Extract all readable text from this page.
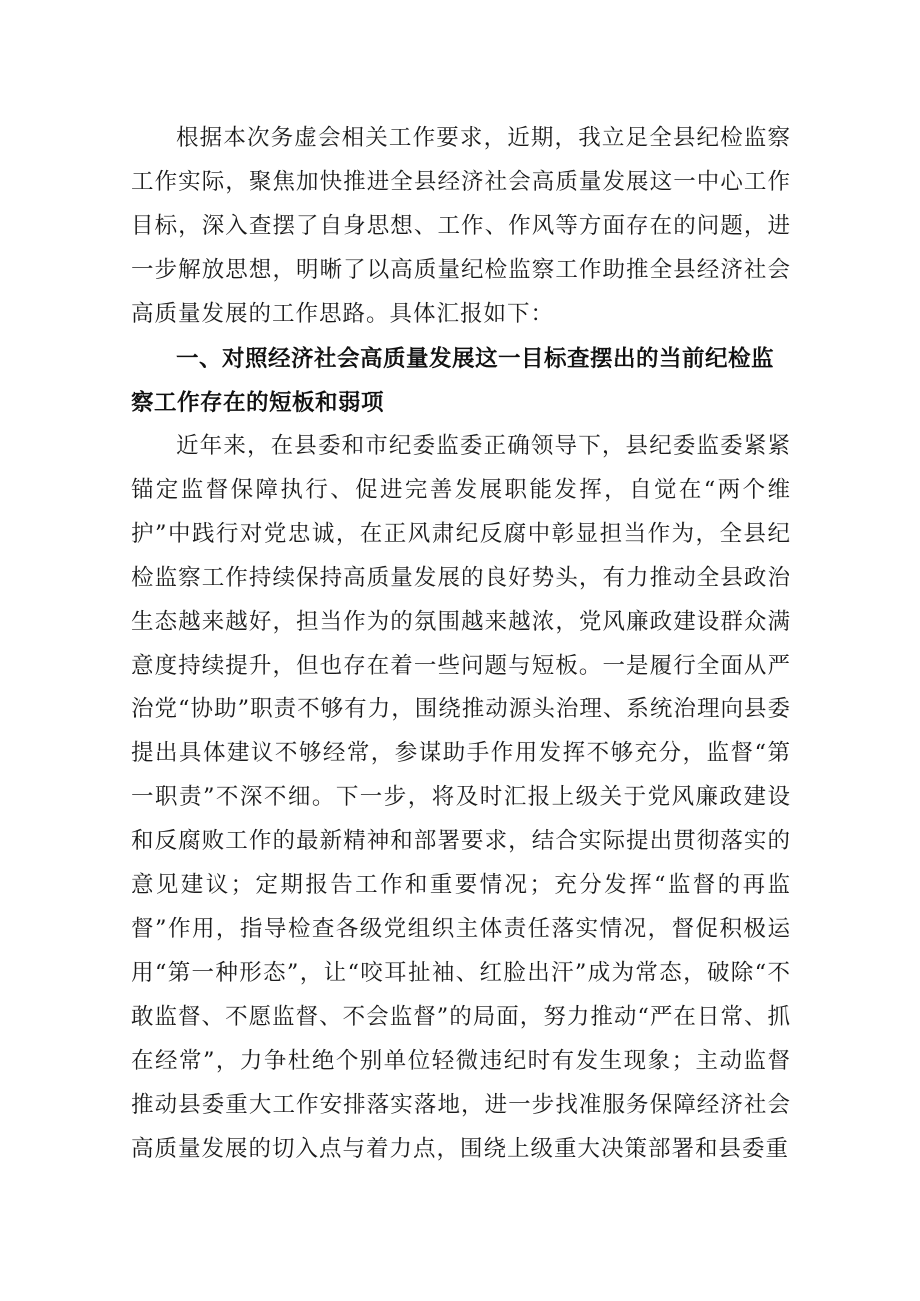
根据本次务虚会相关工作要求，近期，我立足全县纪检监察工作实际，聚焦加快推进全县经济社会高质量发展这一中心工作目标，深入查摆了自身思想、工作、作风等方面存在的问题，进一步解放思想，明晰了以高质量纪检监察工作助推全县经济社会高质量发展的工作思路。具体汇报如下：

一、对照经济社会高质量发展这一目标查摆出的当前纪检监察工作存在的短板和弱项

近年来，在县委和市纪委监委正确领导下，县纪委监委紧紧锚定监督保障执行、促进完善发展职能发挥，自觉在“两个维护”中践行对党忠诚，在正风肃纪反腐中彰显担当作为，全县纪检监察工作持续保持高质量发展的良好势头，有力推动全县政治生态越来越好，担当作为的氛围越来越浓，党风廉政建设群众满意度持续提升，但也存在着一些问题与短板。一是履行全面从严治党“协助”职责不够有力，围绕推动源头治理、系统治理向县委提出具体建议不够经常，参谋助手作用发挥不够充分，监督“第一职责”不深不细。下一步，将及时汇报上级关于党风廉政建设和反腐败工作的最新精神和部署要求，结合实际提出贯彻落实的意见建议；定期报告工作和重要情况；充分发挥“监督的再监督”作用，指导检查各级党组织主体责任落实情况，督促积极运用“第一种形态”，让“咬耳扯袖、红脸出汗”成为常态，破除“不敢监督、不愿监督、不会监督”的局面，努力推动“严在日常、抓在经常”，力争杜绝个别单位轻微违纪时有发生现象；主动监督推动县委重大工作安排落实落地，进一步找准服务保障经济社会高质量发展的切入点与着力点，围绕上级重大决策部署和县委重
